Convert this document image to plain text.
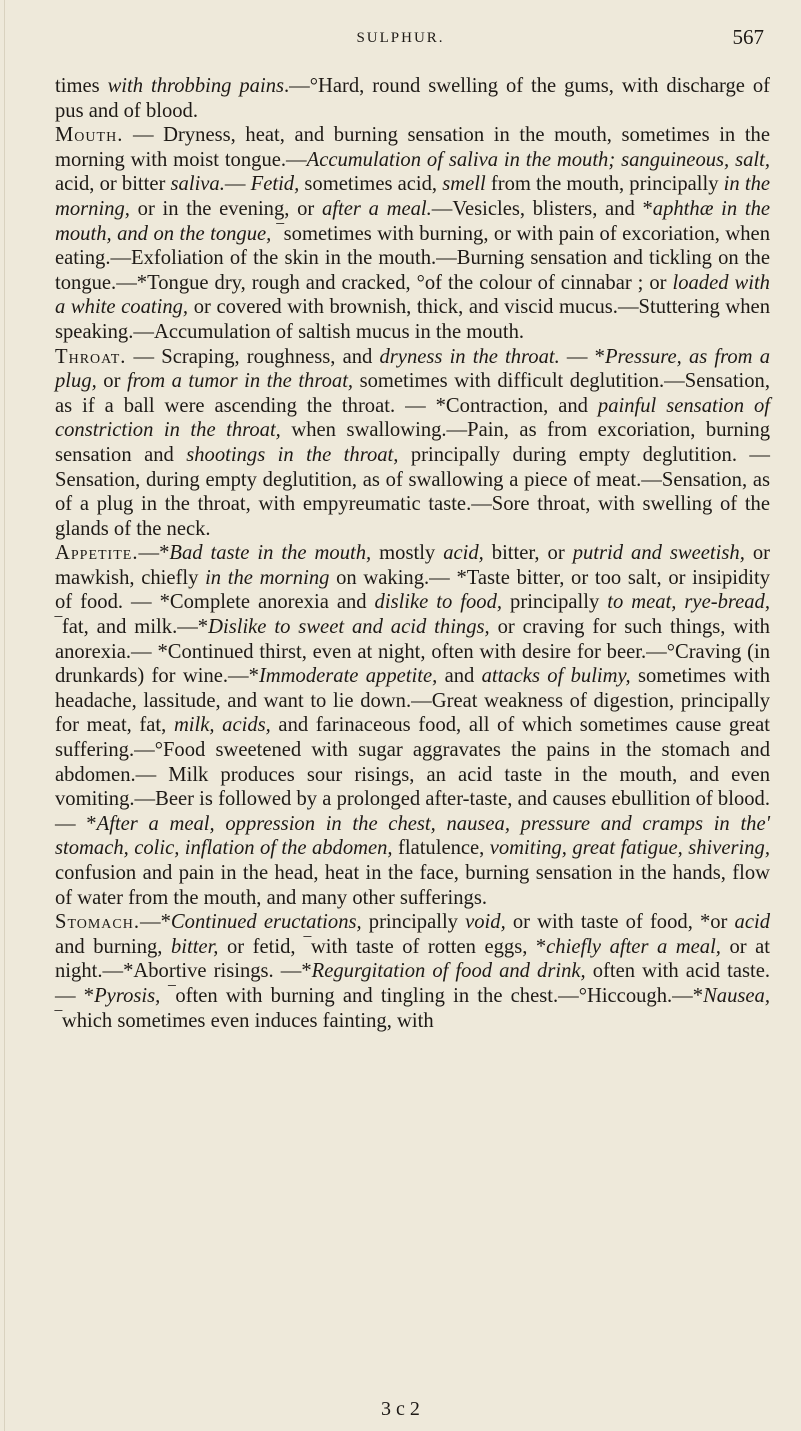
SULPHUR.	567

times with throbbing pains.—°Hard, round swelling of the gums, with discharge of pus and of blood.

Mouth. — Dryness, heat, and burning sensation in the mouth, sometimes in the morning with moist tongue.—Accumulation of saliva in the mouth; sanguineous, salt, acid, or bitter saliva.— Fetid, sometimes acid, smell from the mouth, principally in the morning, or in the evening, or after a meal.—Vesicles, blisters, and *aphthæ in the mouth, and on the tongue, ‾sometimes with burning, or with pain of excoriation, when eating.—Exfoliation of the skin in the mouth.—Burning sensation and tickling on the tongue.—*Tongue dry, rough and cracked, °of the colour of cinnabar ; or loaded with a white coating, or covered with brownish, thick, and viscid mucus.—Stuttering when speaking.—Accumulation of saltish mucus in the mouth.

Throat. — Scraping, roughness, and dryness in the throat. — *Pressure, as from a plug, or from a tumor in the throat, sometimes with difficult deglutition.—Sensation, as if a ball were ascending the throat. — *Contraction, and painful sensation of constriction in the throat, when swallowing.—Pain, as from excoriation, burning sensation and shootings in the throat, principally during empty deglutition. — Sensation, during empty deglutition, as of swallowing a piece of meat.—Sensation, as of a plug in the throat, with empyreumatic taste.—Sore throat, with swelling of the glands of the neck.

Appetite.—*Bad taste in the mouth, mostly acid, bitter, or putrid and sweetish, or mawkish, chiefly in the morning on waking.— *Taste bitter, or too salt, or insipidity of food. — *Complete anorexia and dislike to food, principally to meat, rye-bread, ‾fat, and milk.—*Dislike to sweet and acid things, or craving for such things, with anorexia.— *Continued thirst, even at night, often with desire for beer.—°Craving (in drunkards) for wine.—*Immoderate appetite, and attacks of bulimy, sometimes with headache, lassitude, and want to lie down.—Great weakness of digestion, principally for meat, fat, milk, acids, and farinaceous food, all of which sometimes cause great suffering.—°Food sweetened with sugar aggravates the pains in the stomach and abdomen.— Milk produces sour risings, an acid taste in the mouth, and even vomiting.—Beer is followed by a prolonged after-taste, and causes ebullition of blood. — *After a meal, oppression in the chest, nausea, pressure and cramps in the' stomach, colic, inflation of the abdomen, flatulence, vomiting, great fatigue, shivering, confusion and pain in the head, heat in the face, burning sensation in the hands, flow of water from the mouth, and many other sufferings.

Stomach.—*Continued eructations, principally void, or with taste of food, *or acid and burning, bitter, or fetid, ‾with taste of rotten eggs, *chiefly after a meal, or at night.—*Abortive risings. —*Regurgitation of food and drink, often with acid taste.— *Pyrosis, ‾often with burning and tingling in the chest.—°Hiccough.—*Nausea, ‾which sometimes even induces fainting, with

3 c 2
